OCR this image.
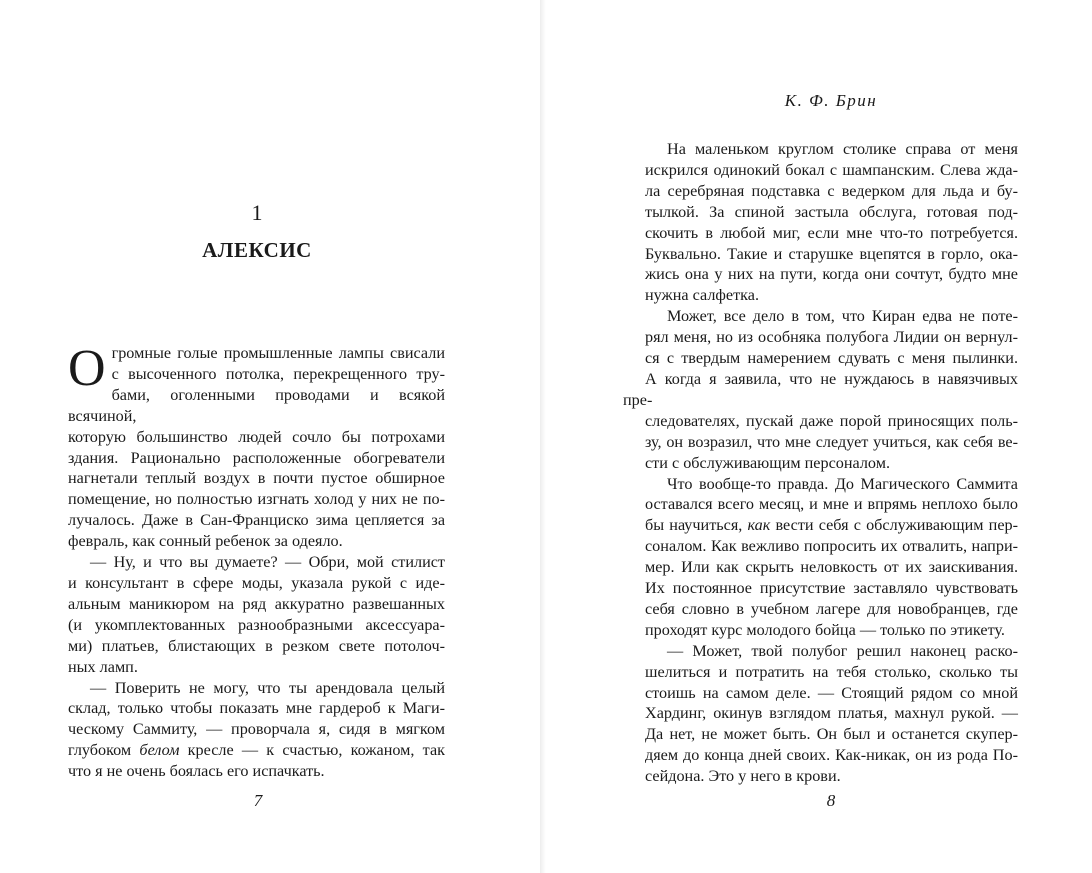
1
АЛЕКСИС
7	8
К. Ф. Брин

О громные голые промышленные лампы свисали
с высоченного потолка, перекрещенного тру-
бами, оголенными проводами и всякой всячиной,
которую большинство людей сочло бы потрохами
здания. Рационально расположенные обогреватели
нагнетали теплый воздух в почти пустое обширное
помещение, но полностью изгнать холод у них не по-
лучалось. Даже в Сан-Франциско зима цепляется за
февраль, как сонный ребенок за одеяло.

— Ну, и что вы думаете? — Обри, мой стилист
и консультант в сфере моды, указала рукой с иде-
альным маникюром на ряд аккуратно развешанных
(и укомплектованных разнообразными аксессуара-
ми) платьев, блистающих в резком свете потолоч-
ных ламп.

— Поверить не могу, что ты арендовала целый
склад, только чтобы показать мне гардероб к Маги-
ческому Саммиту, — проворчала я, сидя в мягком
глубоком белом кресле — к счастью, кожаном, так
что я не очень боялась его испачкать.

На маленьком круглом столике справа от меня
искрился одинокий бокал с шампанским. Слева жда-
ла серебряная подставка с ведерком для льда и бу-
тылкой. За спиной застыла обслуга, готовая под-
скочить в любой миг, если мне что-то потребуется.
Буквально. Такие и старушке вцепятся в горло, ока-
жись она у них на пути, когда они сочтут, будто мне
нужна салфетка.

Может, все дело в том, что Киран едва не поте-
рял меня, но из особняка полубога Лидии он вернул-
ся с твердым намерением сдувать с меня пылинки.
А когда я заявила, что не нуждаюсь в навязчивых пре-
следователях, пускай даже порой приносящих поль-
зу, он возразил, что мне следует учиться, как себя ве-
сти с обслуживающим персоналом.

Что вообще-то правда. До Магического Саммита
оставался всего месяц, и мне и впрямь неплохо было
бы научиться, как вести себя с обслуживающим пер-
соналом. Как вежливо попросить их отвалить, напри-
мер. Или как скрыть неловкость от их заискивания.
Их постоянное присутствие заставляло чувствовать
себя словно в учебном лагере для новобранцев, где
проходят курс молодого бойца — только по этикету.

— Может, твой полубог решил наконец раско-
шелиться и потратить на тебя столько, сколько ты
стоишь на самом деле. — Стоящий рядом со мной
Хардинг, окинув взглядом платья, махнул рукой. —
Да нет, не может быть. Он был и останется скупер-
дяем до конца дней своих. Как-никак, он из рода По-
сейдона. Это у него в крови.
